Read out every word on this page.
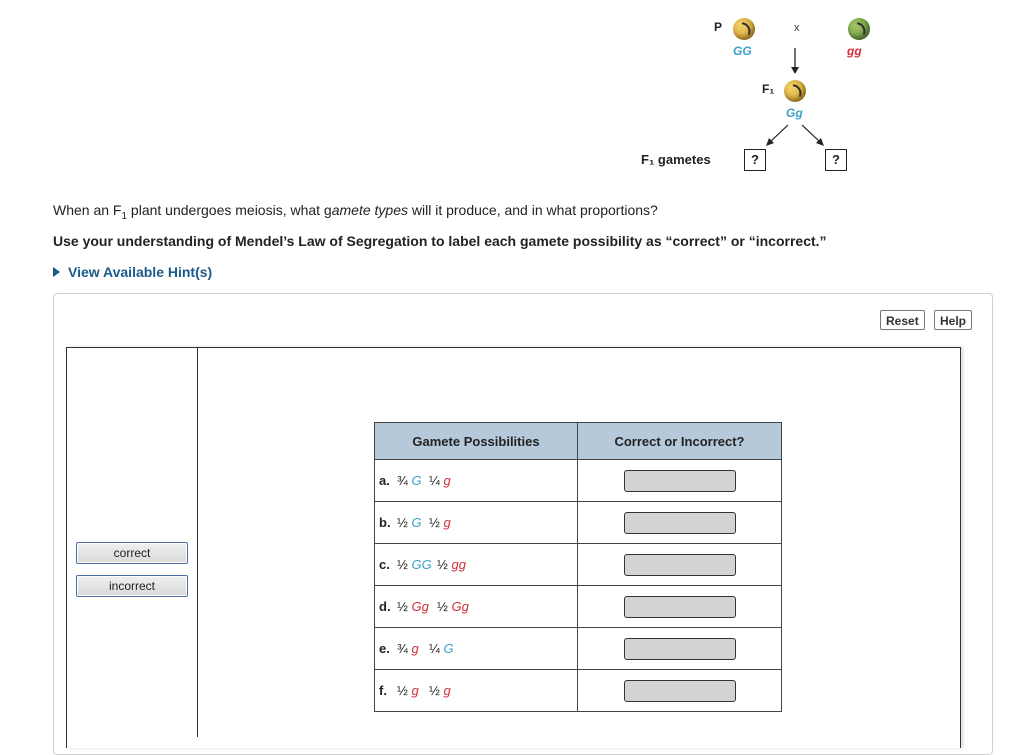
P
GG
x
gg
F₁
Gg
F₁ gametes	?	?
When an $F_1$ plant undergoes meiosis, what gamete types will it produce, and in what proportions?
Use your understanding of Mendel’s Law of Segregation to label each gamete possibility as “correct” or “incorrect.”
View Available Hint(s)
Reset	Help
correct
incorrect
Gamete Possibilities	Correct or Incorrect?

a. ¾ G ¼ g	

b. ½ G ½ g	

c. ½ GG ½ gg	

d. ½ Gg ½ Gg	

e. ¾ g ¼ G	

f. ½ g ½ g	
